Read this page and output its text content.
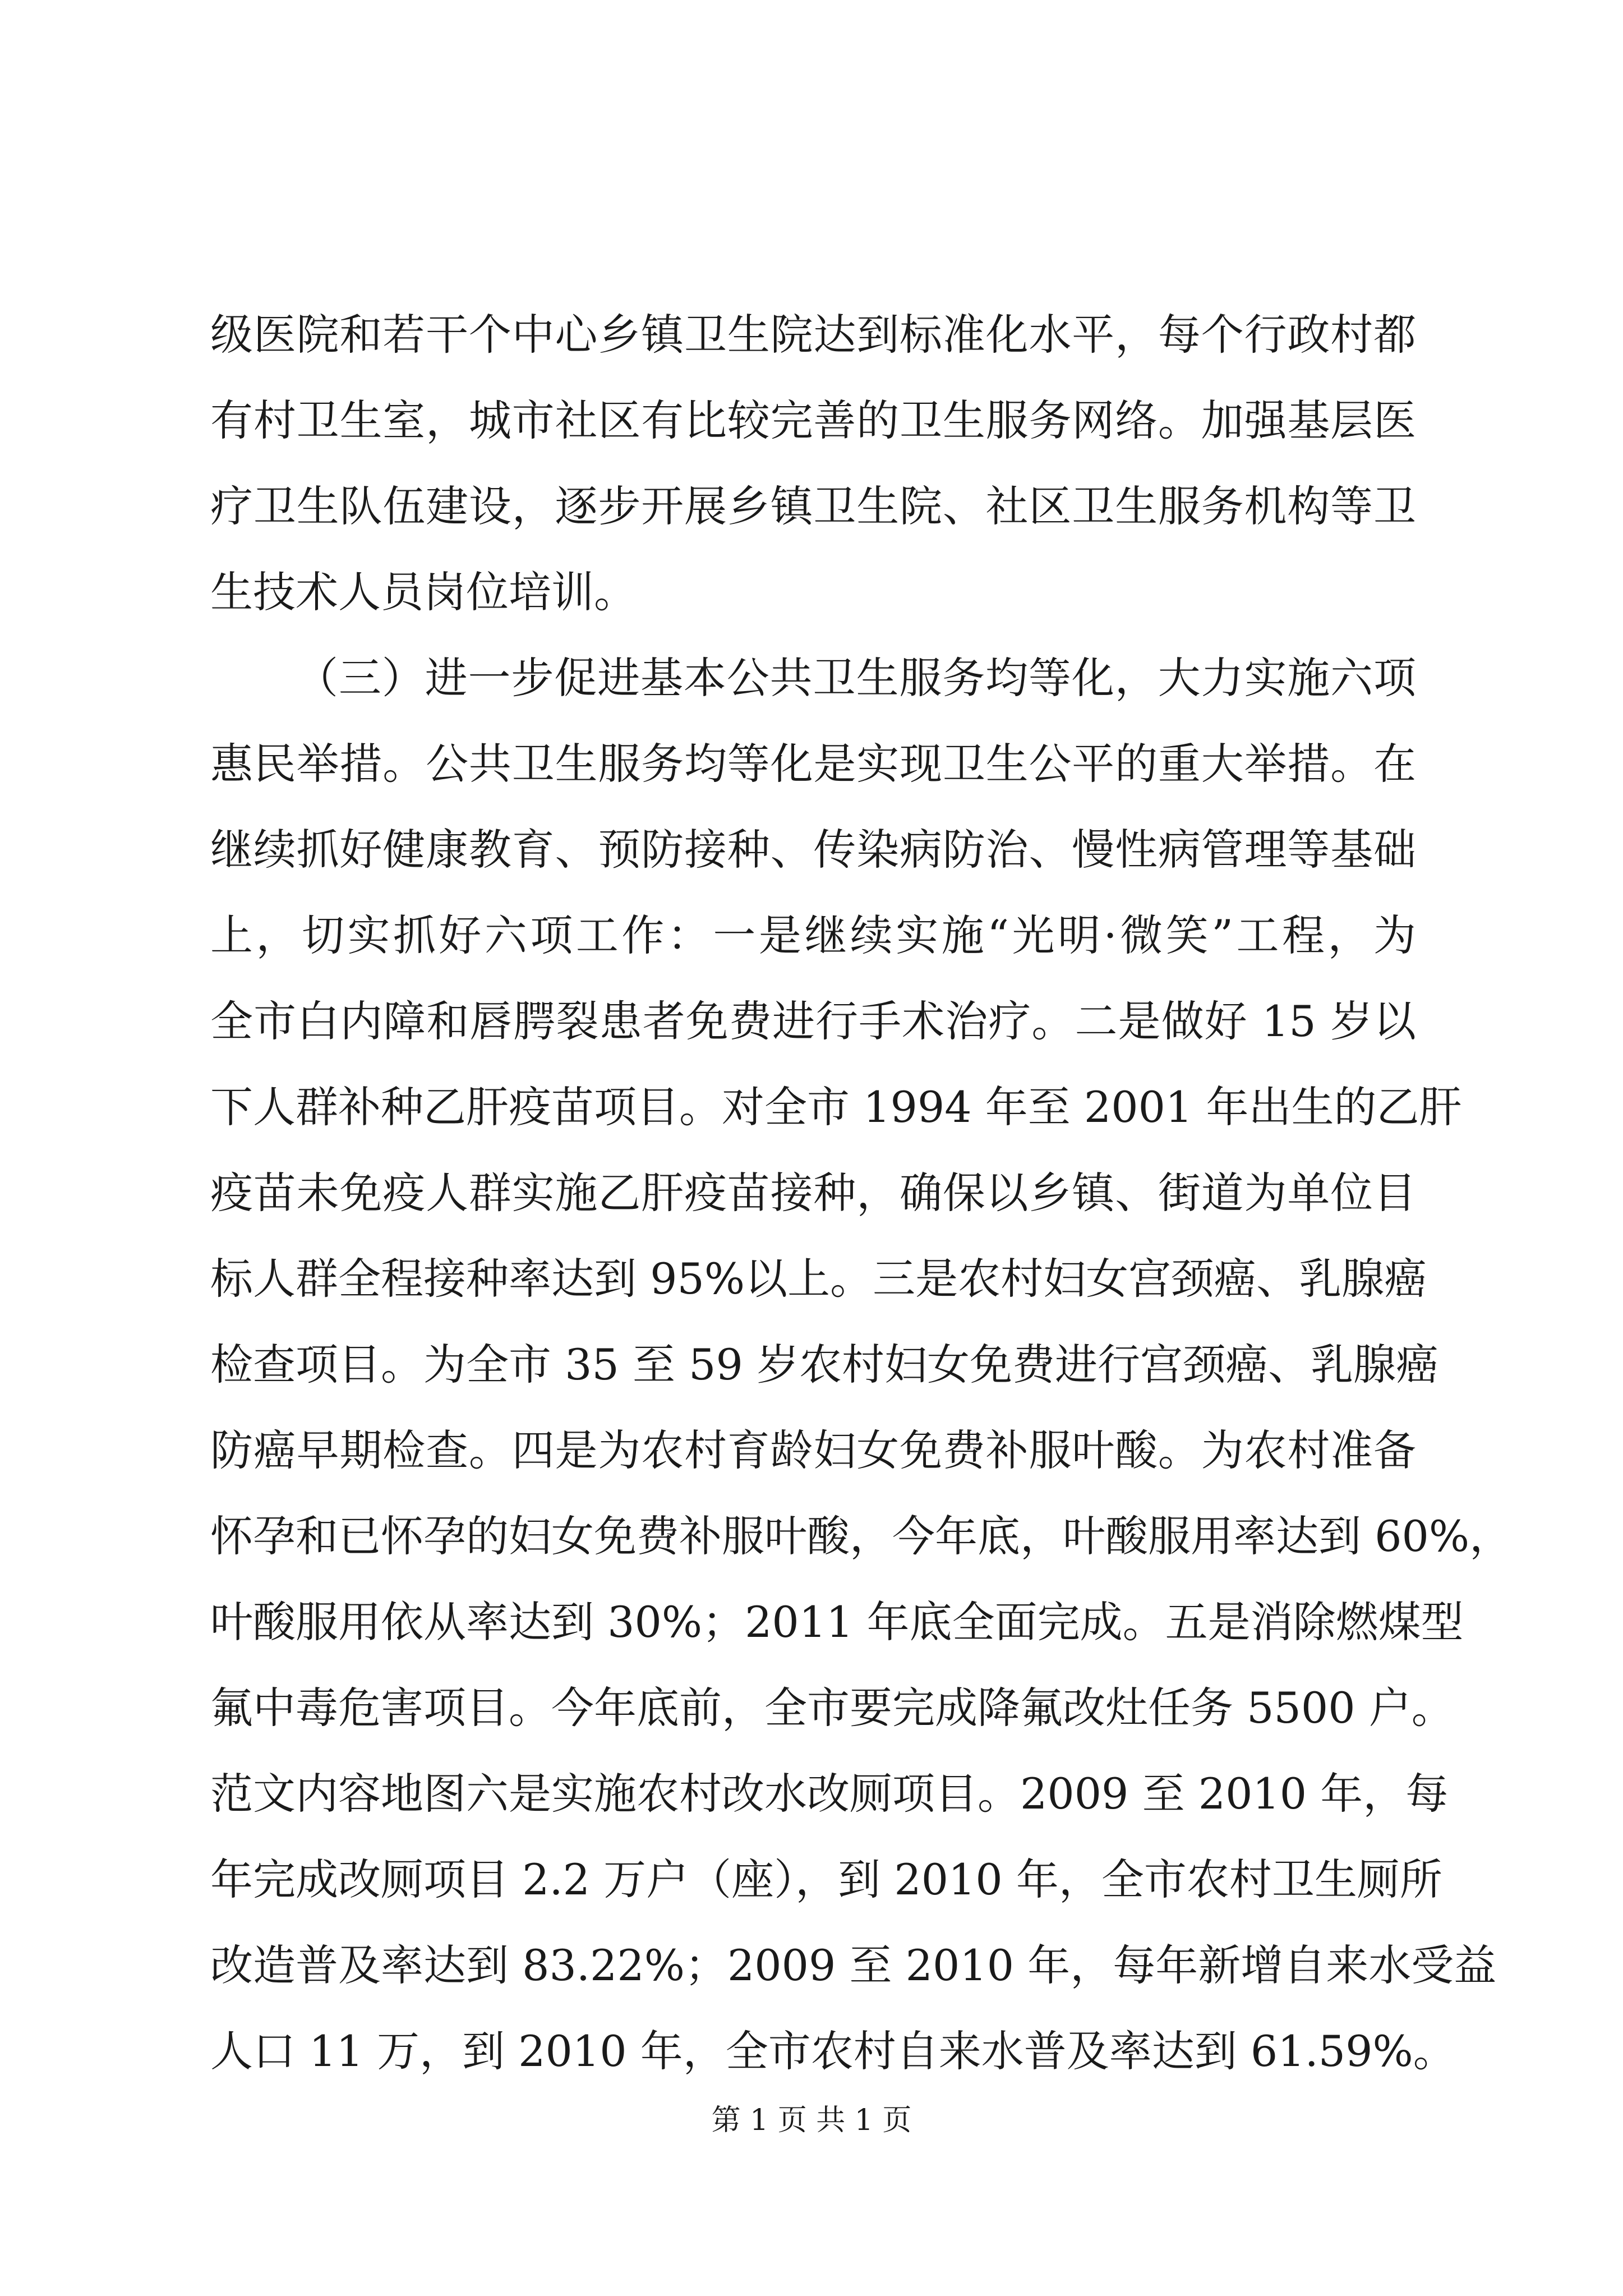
级医院和若干个中心乡镇卫生院达到标准化水平，每个行政村都
有村卫生室，城市社区有比较完善的卫生服务网络。加强基层医
疗卫生队伍建设，逐步开展乡镇卫生院、社区卫生服务机构等卫
生技术人员岗位培训。
（三）进一步促进基本公共卫生服务均等化，大力实施六项
惠民举措。公共卫生服务均等化是实现卫生公平的重大举措。在
继续抓好健康教育、预防接种、传染病防治、慢性病管理等基础
上，切实抓好六项工作：一是继续实施“光明·微笑”工程，为
全市白内障和唇腭裂患者免费进行手术治疗。二是做好 15 岁以
下人群补种乙肝疫苗项目。对全市 1994 年至 2001 年出生的乙肝
疫苗未免疫人群实施乙肝疫苗接种，确保以乡镇、街道为单位目
标人群全程接种率达到 95%以上。三是农村妇女宫颈癌、乳腺癌
检查项目。为全市 35 至 59 岁农村妇女免费进行宫颈癌、乳腺癌
防癌早期检查。四是为农村育龄妇女免费补服叶酸。为农村准备
怀孕和已怀孕的妇女免费补服叶酸，今年底，叶酸服用率达到 60%，
叶酸服用依从率达到 30%；2011 年底全面完成。五是消除燃煤型
氟中毒危害项目。今年底前，全市要完成降氟改灶任务 5500 户。
范文内容地图六是实施农村改水改厕项目。2009 至 2010 年，每
年完成改厕项目 2.2 万户（座），到 2010 年，全市农村卫生厕所
改造普及率达到 83.22%；2009 至 2010 年，每年新增自来水受益
人口 11 万，到 2010 年，全市农村自来水普及率达到 61.59%。
第 1 页 共 1 页
